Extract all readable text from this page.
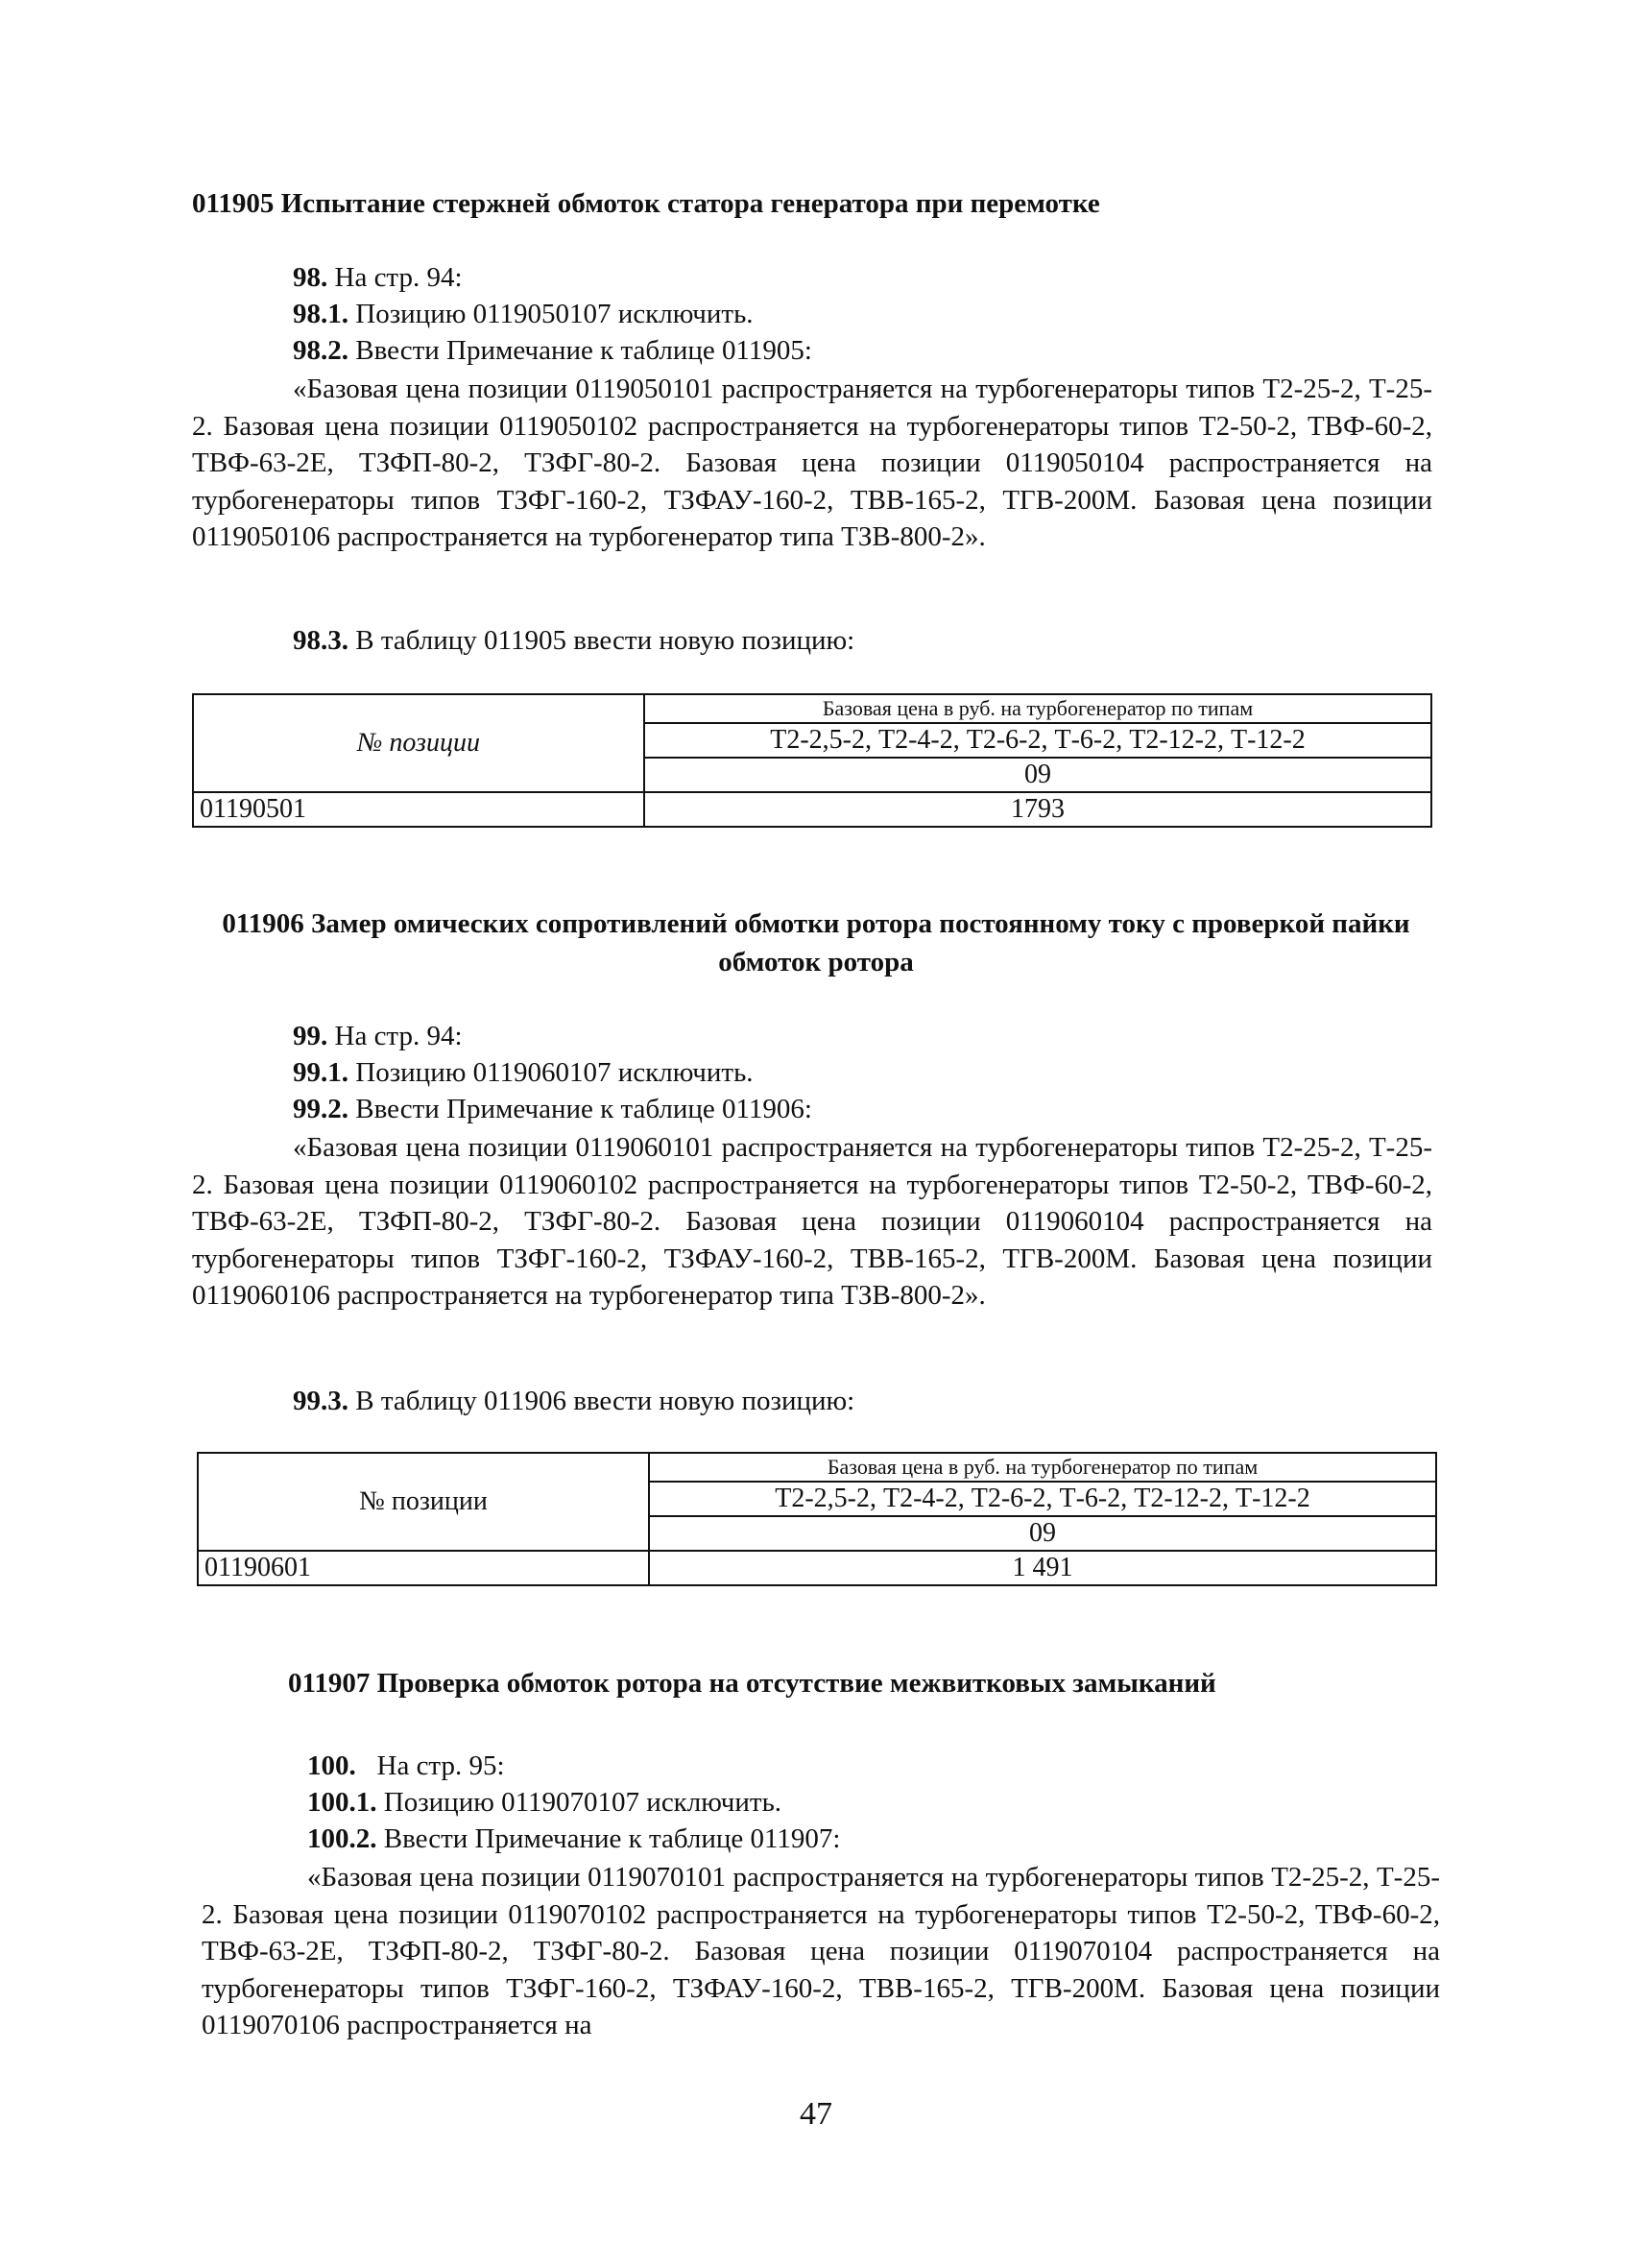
011905 Испытание стержней обмоток статора генератора при перемотке
98. На стр. 94:
98.1. Позицию 0119050107 исключить.
98.2. Ввести Примечание к таблице 011905:
«Базовая цена позиции 0119050101 распространяется на турбогенераторы типов Т2-25-2, Т-25-2. Базовая цена позиции 0119050102 распространяется на турбогенераторы типов Т2-50-2, ТВФ-60-2, ТВФ-63-2Е, ТЗФП-80-2, ТЗФГ-80-2. Базовая цена позиции 0119050104 распространяется на турбогенераторы типов ТЗФГ-160-2, ТЗФАУ-160-2, ТВВ-165-2, ТГВ-200М. Базовая цена позиции 0119050106 распространяется на турбогенератор типа ТЗВ-800-2».
98.3. В таблицу 011905 ввести новую позицию:
№ позиции	Базовая цена в руб. на турбогенератор по типам
	Т2-2,5-2, Т2-4-2, Т2-6-2, Т-6-2, Т2-12-2, Т-12-2
	09
01190501	1793
011906 Замер омических сопротивлений обмотки ротора постоянному току с проверкой пайки обмоток ротора
99. На стр. 94:
99.1. Позицию 0119060107 исключить.
99.2. Ввести Примечание к таблице 011906:
«Базовая цена позиции 0119060101 распространяется на турбогенераторы типов Т2-25-2, Т-25-2. Базовая цена позиции 0119060102 распространяется на турбогенераторы типов Т2-50-2, ТВФ-60-2, ТВФ-63-2Е, ТЗФП-80-2, ТЗФГ-80-2. Базовая цена позиции 0119060104 распространяется на турбогенераторы типов ТЗФГ-160-2, ТЗФАУ-160-2, ТВВ-165-2, ТГВ-200М. Базовая цена позиции 0119060106 распространяется на турбогенератор типа ТЗВ-800-2».
99.3. В таблицу 011906 ввести новую позицию:
№ позиции	Базовая цена в руб. на турбогенератор по типам
	Т2-2,5-2, Т2-4-2, Т2-6-2, Т-6-2, Т2-12-2, Т-12-2
	09
01190601	1 491
011907 Проверка обмоток ротора на отсутствие межвитковых замыканий
100. На стр. 95:
100.1. Позицию 0119070107 исключить.
100.2. Ввести Примечание к таблице 011907:
«Базовая цена позиции 0119070101 распространяется на турбогенераторы типов Т2-25-2, Т-25-2. Базовая цена позиции 0119070102 распространяется на турбогенераторы типов Т2-50-2, ТВФ-60-2, ТВФ-63-2Е, ТЗФП-80-2, ТЗФГ-80-2. Базовая цена позиции 0119070104 распространяется на турбогенераторы типов ТЗФГ-160-2, ТЗФАУ-160-2, ТВВ-165-2, ТГВ-200М. Базовая цена позиции 0119070106 распространяется на
47
